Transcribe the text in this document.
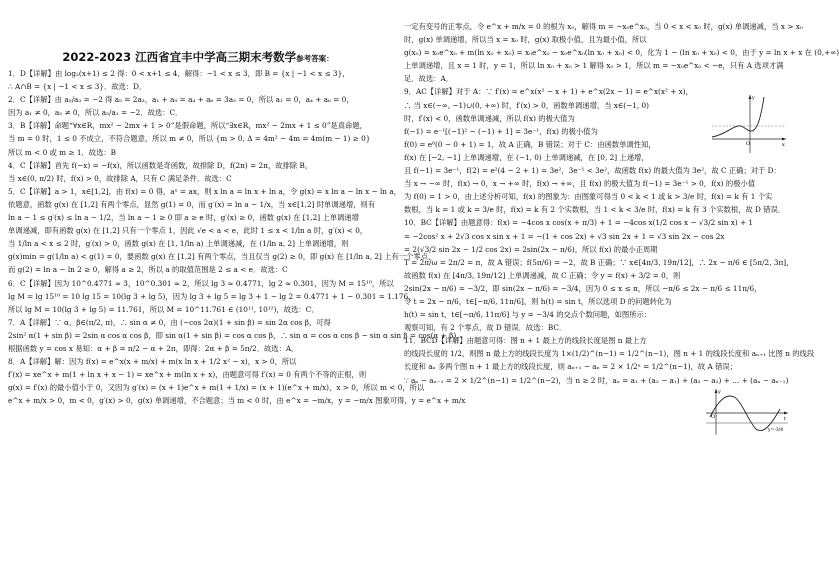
2022-2023 江西省宜丰中学高三期末考数学参考答案：
1．D【详解】由 log₂(x+1) ≤ 2 得：0 < x+1 ≤ 4，解得：−1 < x ≤ 3，即 B = {x | −1 < x ≤ 3}，
∴ A∩B = {x | −1 < x ≤ 3}．故选：D．
2．C【详解】由 a₅/a₃ = −2 得 a₅ = 2a₃，a₁ + a₉ = a₄ + a₆ = 3a₅ = 0，所以 a₁ = 0，a₄ + a₆ = 0，
因为 a₁ ≠ 0，a₅ ≠ 0，所以 a₅/a₁ = −2．故选：C．
3．B【详解】命题“∀x∈R，mx² − 2mx + 1 > 0”是假命题，所以“∃x∈R，mx² − 2mx + 1 ≤ 0”是真命题，
当 m = 0 时，1 ≤ 0 不成立，不符合题意，所以 m ≠ 0，所以 {m > 0, Δ = 4m² − 4m = 4m(m − 1) ≥ 0}
所以 m < 0 或 m ≥ 1．故选：B
4．C【详解】首先 f(−x) = −f(x)，所以函数是奇函数，故排除 D，f(2π) = 2π，故排除 B，
当 x∈(0, π/2) 时，f(x) > 0，故排除 A，只有 C 满足条件．故选：C
5．C【详解】a > 1，x∈[1,2]，由 f(x) = 0 得，aˣ = ax，则 x ln a = ln x + ln a，令 g(x) = x ln a − ln x − ln a，
依题意，函数 g(x) 在 [1,2] 有两个零点，显然 g(1) = 0，而 g′(x) = ln a − 1/x，当 x∈[1,2] 时单调递增，则有
ln a − 1 ≤ g′(x) ≤ ln a − 1/2，当 ln a − 1 ≥ 0 即 a ≥ e 时，g′(x) ≥ 0，函数 g(x) 在 [1,2] 上单调递增
单调递减，即有函数 g(x) 在 [1,2] 只有一个零点 1，因此 √e < a < e，此时 1 ≤ x < 1/ln a 时，g′(x) < 0，
当 1/ln a < x ≤ 2 时，g′(x) > 0，函数 g(x) 在 [1, 1/ln a) 上单调递减，在 (1/ln a, 2] 上单调递增，则
g(x)min = g(1/ln a) < g(1) = 0，要函数 g(x) 在 [1,2] 有两个零点，当且仅当 g(2) ≥ 0，即 g(x) 在 [1/ln a, 2] 上有一个零点，
而 g(2) = ln a − ln 2 ≥ 0，解得 a ≥ 2，所以 a 的取值范围是 2 ≤ a < e．故选：C
6．C【详解】因为 10^0.4771 ≈ 3，10^0.301 ≈ 2，所以 lg 3 ≈ 0.4771，lg 2 ≈ 0.301，因为 M = 15¹⁰，所以
lg M = lg 15¹⁰ = 10 lg 15 = 10(lg 3 + lg 5)，因为 lg 3 + lg 5 = lg 3 + 1 − lg 2 = 0.4771 + 1 − 0.301 = 1.176，
所以 lg M = 10(lg 3 + lg 5) = 11.761，所以 M = 10^11.761 ∈ (10¹¹, 10¹²)，故选：C．
7．A【详解】∵ α，β∈(π/2, π)，∴ sin α ≠ 0，由 (−cos 2α)(1 + sin β) = sin 2α cos β，可得
2sin² α(1 + sin β) = 2sin α cos α cos β，即 sin α(1 + sin β) = cos α cos β，∴ sin α = cos α cos β − sin α sin β = cos(α + β)，
根据函数 y = cos x 易知：α + β = π/2 − α + 2π，即得：2α + β = 5π/2．故选：A．
8．A【详解】解：因为 f(x) = e^x(x + m/x) + m(x ln x + 1/2 x² − x)，x > 0，所以
f′(x) = xe^x + m(1 + ln x + x − 1) = xe^x + m(ln x + x)，由题意可得 f′(x) = 0 有两个不等的正根，则
g(x) = f′(x) 的最小值小于 0，又因为 g′(x) = (x + 1)e^x + m(1 + 1/x) = (x + 1)(e^x + m/x)，x > 0，所以 m < 0，所以
e^x + m/x > 0，m < 0，g′(x) > 0，g(x) 单调递增，不合题意；当 m < 0 时，由 e^x = −m/x，y = −m/x 图象可得，y = e^x + m/x
一定有变号的正零点，令 e^x + m/x = 0 的根为 x₀，解得 m = −x₀e^x₀，当 0 < x < x₀ 时，g(x) 单调递减，当 x > x₀
时，g(x) 单调递增，所以当 x = x₀ 时，g(x) 取极小值，且为最小值，所以
g(x₀) = x₀e^x₀ + m(ln x₀ + x₀) = x₀e^x₀ − x₀e^x₀(ln x₀ + x₀) < 0，化为 1 − (ln x₀ + x₀) < 0，由于 y = ln x + x 在 (0,+∞)
上单调递增，且 x = 1 时，y = 1，所以 ln x₀ + x₀ > 1 解得 x₀ > 1，所以 m = −x₀e^x₀ < −e，只有 A 选项才满
足．故选：A．
9．AC【详解】对于 A：∵ f′(x) = e^x(x² − x + 1) + e^x(2x − 1) = e^x(x² + x)，
∴ 当 x∈(−∞, −1)∪(0, +∞) 时，f′(x) > 0，函数单调递增，当 x∈(−1, 0)
时，f′(x) < 0，函数单调递减，所以 f(x) 的极大值为
f(−1) = e⁻¹[(−1)² − (−1) + 1] = 3e⁻¹，f(x) 的极小值为
f(0) = e⁰(0 − 0 + 1) = 1，故 A 正确，B 错误；对于 C：由函数单调性知，
f(x) 在 [−2, −1] 上单调递增，在 (−1, 0) 上单调递减，在 [0, 2] 上递增，
且 f(−1) = 3e⁻¹，f(2) = e²(4 − 2 + 1) = 3e²，3e⁻¹ < 3e²，故函数 f(x) 的最大值为 3e²，故 C 正确；对于 D：
当 x → −∞ 时，f(x) → 0，x → +∞ 时，f(x) → +∞，且 f(x) 的极大值为 f(−1) = 3e⁻¹ > 0，f(x) 的极小值
为 f(0) = 1 > 0，由上述分析可知，f(x) 的图象为：由图象可得当 0 < k < 1 或 k > 3/e 时，f(x) = k 有 1 个实
数根，当 k = 1 或 k = 3/e 时，f(x) = k 有 2 个实数根，当 1 < k < 3/e 时，f(x) = k 有 3 个实数根，故 D 错误．
10．BC【详解】由题意得：f(x) = −4cos x cos(x + π/3) + 1 = −4cos x(1/2 cos x − √3/2 sin x) + 1
= −2cos² x + 2√3 cos x sin x + 1 = −(1 + cos 2x) + √3 sin 2x + 1 = √3 sin 2x − cos 2x
= 2(√3/2 sin 2x − 1/2 cos 2x) = 2sin(2x − π/6)，所以 f(x) 的最小正周期
T = 2π/ω = 2π/2 = π，故 A 错误；f(5π/6) = −2，故 B 正确；∵ x∈[4π/3, 19π/12]，∴ 2x − π/6 ∈ [5π/2, 3π]，
故函数 f(x) 在 [4π/3, 19π/12] 上单调递减，故 C 正确；令 y = f(x) + 3/2 = 0，则
2sin(2x − π/6) = −3/2，即 sin(2x − π/6) = −3/4，因为 0 ≤ x ≤ π，所以 −π/6 ≤ 2x − π/6 ≤ 11π/6，
令 t = 2x − π/6，t∈[−π/6, 11π/6]，则 h(t) = sin t，所以选项 D 的问题转化为
h(t) = sin t，t∈[−π/6, 11π/6] 与 y = −3/4 的交点个数问题，如图所示：
观察可知，有 2 个零点，故 D 错误．故选：BC．
11．BCD【详解】由题意可得：图 n + 1 最上方的线段长度是图 n 最上方
的线段长度的 1/2，则图 n 最上方的线段长度为 1×(1/2)^(n−1) = 1/2^(n−1)，图 n + 1 的线段长度和 aₙ₊₁ 比图 n 的线段
长度和 aₙ 多两个图 n + 1 最上方的线段长度，则 aₙ₊₁ − aₙ = 2 × 1/2ⁿ = 1/2^(n−1)，故 A 错误；
∵ aₙ − aₙ₋₁ = 2 × 1/2^(n−1) = 1/2^(n−2)，当 n ≥ 2 时，aₙ = a₁ + (a₂ − a₁) + (a₃ − a₂) + … + (aₙ − aₙ₋₁)
x
y
O
t
y
O
y=-3/4
